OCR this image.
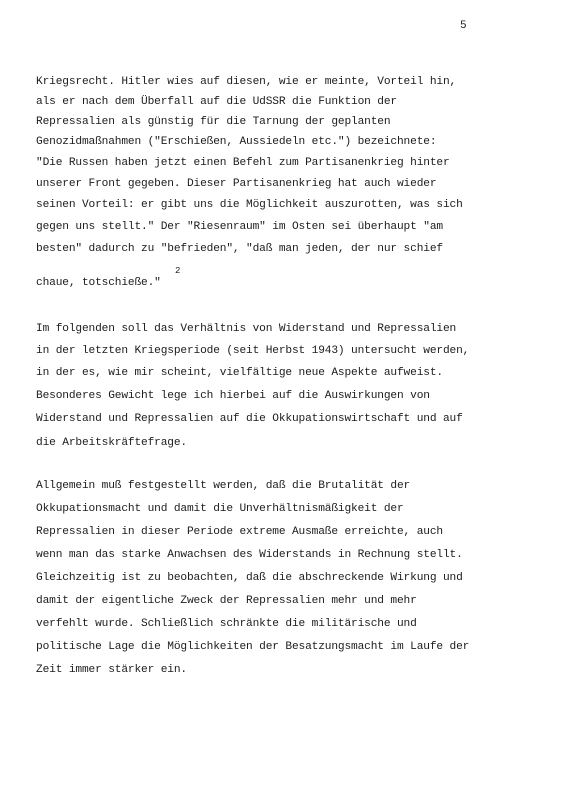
5
Kriegsrecht. Hitler wies auf diesen, wie er meinte, Vorteil hin,
als er nach dem Überfall auf die UdSSR die Funktion der
Repressalien als günstig für die Tarnung der geplanten
Genozidmaßnahmen ("Erschießen, Aussiedeln etc.") bezeichnete:
"Die Russen haben jetzt einen Befehl zum Partisanenkrieg hinter
unserer Front gegeben. Dieser Partisanenkrieg hat auch wieder
seinen Vorteil: er gibt uns die Möglichkeit auszurotten, was sich
gegen uns stellt." Der "Riesenraum" im Osten sei überhaupt "am
besten" dadurch zu "befrieden", "daß man jeden, der nur schief
chaue, totschieße."
2
Im folgenden soll das Verhältnis von Widerstand und Repressalien
in der letzten Kriegsperiode (seit Herbst 1943) untersucht werden,
in der es, wie mir scheint, vielfältige neue Aspekte aufweist.
Besonderes Gewicht lege ich hierbei auf die Auswirkungen von
Widerstand und Repressalien auf die Okkupationswirtschaft und auf
die Arbeitskräftefrage.
Allgemein muß festgestellt werden, daß die Brutalität der
Okkupationsmacht und damit die Unverhältnismäßigkeit der
Repressalien in dieser Periode extreme Ausmaße erreichte, auch
wenn man das starke Anwachsen des Widerstands in Rechnung stellt.
Gleichzeitig ist zu beobachten, daß die abschreckende Wirkung und
damit der eigentliche Zweck der Repressalien mehr und mehr
verfehlt wurde. Schließlich schränkte die militärische und
politische Lage die Möglichkeiten der Besatzungsmacht im Laufe der
Zeit immer stärker ein.
